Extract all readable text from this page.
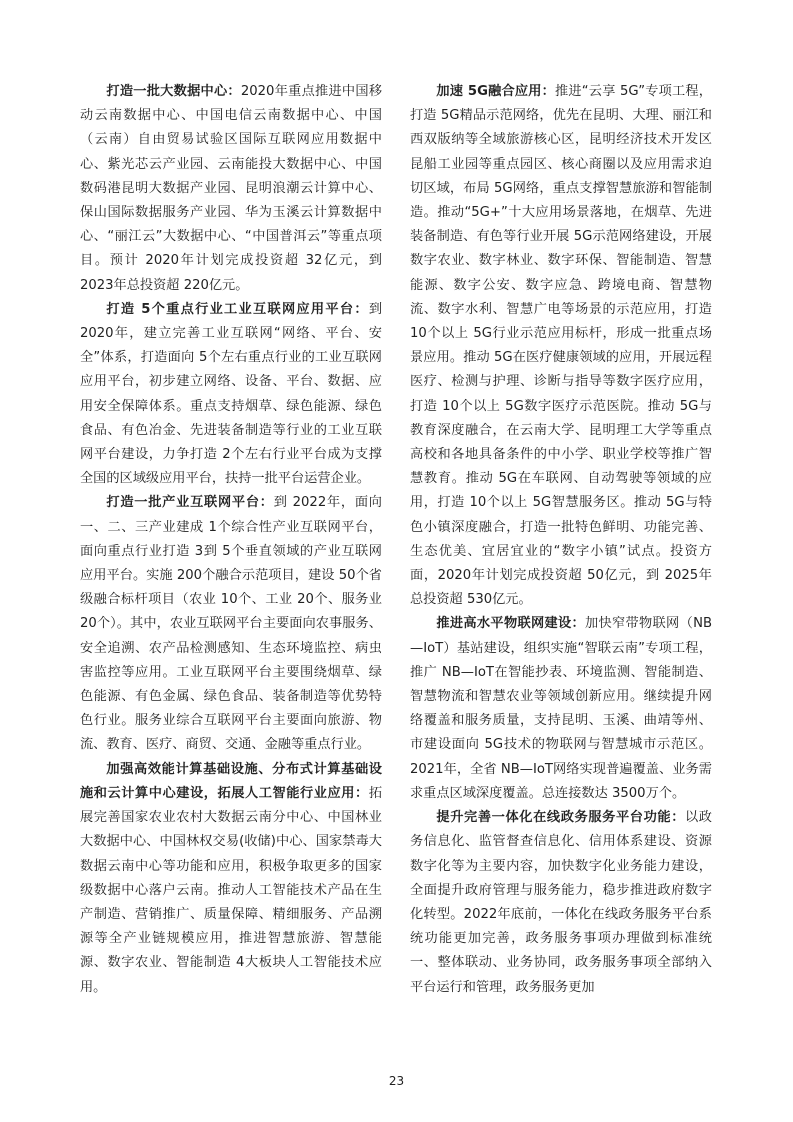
打造一批大数据中心：2020年重点推进中国移动云南数据中心、中国电信云南数据中心、中国（云南）自由贸易试验区国际互联网应用数据中心、紫光芯云产业园、云南能投大数据中心、中国数码港昆明大数据产业园、昆明浪潮云计算中心、保山国际数据服务产业园、华为玉溪云计算数据中心、“丽江云”大数据中心、“中国普洱云”等重点项目。预计 2020年计划完成投资超 32亿元，到 2023年总投资超 220亿元。

打造 5个重点行业工业互联网应用平台：到 2020年，建立完善工业互联网“网络、平台、安全”体系，打造面向 5个左右重点行业的工业互联网应用平台，初步建立网络、设备、平台、数据、应用安全保障体系。重点支持烟草、绿色能源、绿色食品、有色冶金、先进装备制造等行业的工业互联网平台建设，力争打造 2个左右行业平台成为支撑全国的区域级应用平台，扶持一批平台运营企业。

打造一批产业互联网平台：到 2022年，面向一、二、三产业建成 1个综合性产业互联网平台，面向重点行业打造 3到 5个垂直领域的产业互联网应用平台。实施 200个融合示范项目，建设 50个省级融合标杆项目（农业 10个、工业 20个、服务业 20个）。其中，农业互联网平台主要面向农事服务、安全追溯、农产品检测感知、生态环境监控、病虫害监控等应用。工业互联网平台主要围绕烟草、绿色能源、有色金属、绿色食品、装备制造等优势特色行业。服务业综合互联网平台主要面向旅游、物流、教育、医疗、商贸、交通、金融等重点行业。

加强高效能计算基础设施、分布式计算基础设施和云计算中心建设，拓展人工智能行业应用：拓展完善国家农业农村大数据云南分中心、中国林业大数据中心、中国林权交易(收储)中心、国家禁毒大数据云南中心等功能和应用，积极争取更多的国家级数据中心落户云南。推动人工智能技术产品在生产制造、营销推广、质量保障、精细服务、产品溯源等全产业链规模应用，推进智慧旅游、智慧能源、数字农业、智能制造 4大板块人工智能技术应用。

加速 5G融合应用：推进“云享 5G”专项工程，打造 5G精品示范网络，优先在昆明、大理、丽江和西双版纳等全域旅游核心区，昆明经济技术开发区昆船工业园等重点园区、核心商圈以及应用需求迫切区域，布局 5G网络，重点支撑智慧旅游和智能制造。推动“5G+”十大应用场景落地，在烟草、先进装备制造、有色等行业开展 5G示范网络建设，开展数字农业、数字林业、数字环保、智能制造、智慧能源、数字公安、数字应急、跨境电商、智慧物流、数字水利、智慧广电等场景的示范应用，打造 10个以上 5G行业示范应用标杆，形成一批重点场景应用。推动 5G在医疗健康领域的应用，开展远程医疗、检测与护理、诊断与指导等数字医疗应用，打造 10个以上 5G数字医疗示范医院。推动 5G与教育深度融合，在云南大学、昆明理工大学等重点高校和各地具备条件的中小学、职业学校等推广智慧教育。推动 5G在车联网、自动驾驶等领域的应用，打造 10个以上 5G智慧服务区。推动 5G与特色小镇深度融合，打造一批特色鲜明、功能完善、生态优美、宜居宜业的“数字小镇”试点。投资方面，2020年计划完成投资超 50亿元，到 2025年总投资超 530亿元。

推进高水平物联网建设：加快窄带物联网（NB—IoT）基站建设，组织实施“智联云南”专项工程，推广 NB—IoT在智能抄表、环境监测、智能制造、智慧物流和智慧农业等领域创新应用。继续提升网络覆盖和服务质量，支持昆明、玉溪、曲靖等州、市建设面向 5G技术的物联网与智慧城市示范区。2021年，全省 NB—IoT网络实现普遍覆盖、业务需求重点区域深度覆盖。总连接数达 3500万个。

提升完善一体化在线政务服务平台功能：以政务信息化、监管督查信息化、信用体系建设、资源数字化等为主要内容，加快数字化业务能力建设，全面提升政府管理与服务能力，稳步推进政府数字化转型。2022年底前，一体化在线政务服务平台系统功能更加完善，政务服务事项办理做到标准统一、整体联动、业务协同，政务服务事项全部纳入平台运行和管理，政务服务更加

23
